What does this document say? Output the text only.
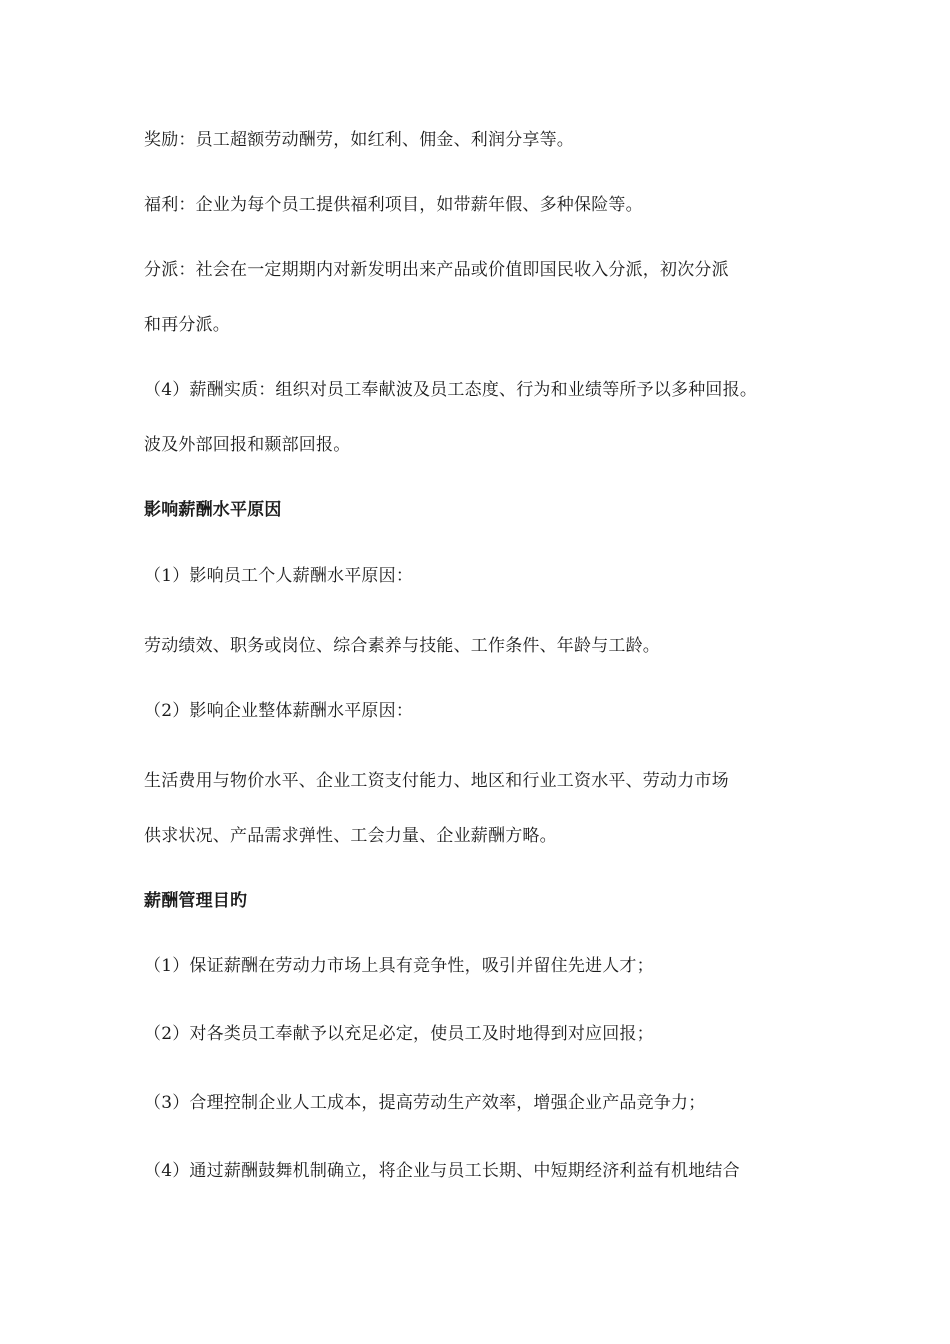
奖励：员工超额劳动酬劳，如红利、佣金、利润分享等。
福利：企业为每个员工提供福利项目，如带薪年假、多种保险等。
分派：社会在一定期期内对新发明出来产品或价值即国民收入分派，初次分派
和再分派。
（4）薪酬实质：组织对员工奉献波及员工态度、行为和业绩等所予以多种回报。
波及外部回报和颞部回报。
影响薪酬水平原因
（1）影响员工个人薪酬水平原因：
劳动绩效、职务或岗位、综合素养与技能、工作条件、年龄与工龄。
（2）影响企业整体薪酬水平原因：
生活费用与物价水平、企业工资支付能力、地区和行业工资水平、劳动力市场
供求状况、产品需求弹性、工会力量、企业薪酬方略。
薪酬管理目旳
（1）保证薪酬在劳动力市场上具有竞争性，吸引并留住先进人才；
（2）对各类员工奉献予以充足必定，使员工及时地得到对应回报；
（3）合理控制企业人工成本，提高劳动生产效率，增强企业产品竞争力；
（4）通过薪酬鼓舞机制确立，将企业与员工长期、中短期经济利益有机地结合
